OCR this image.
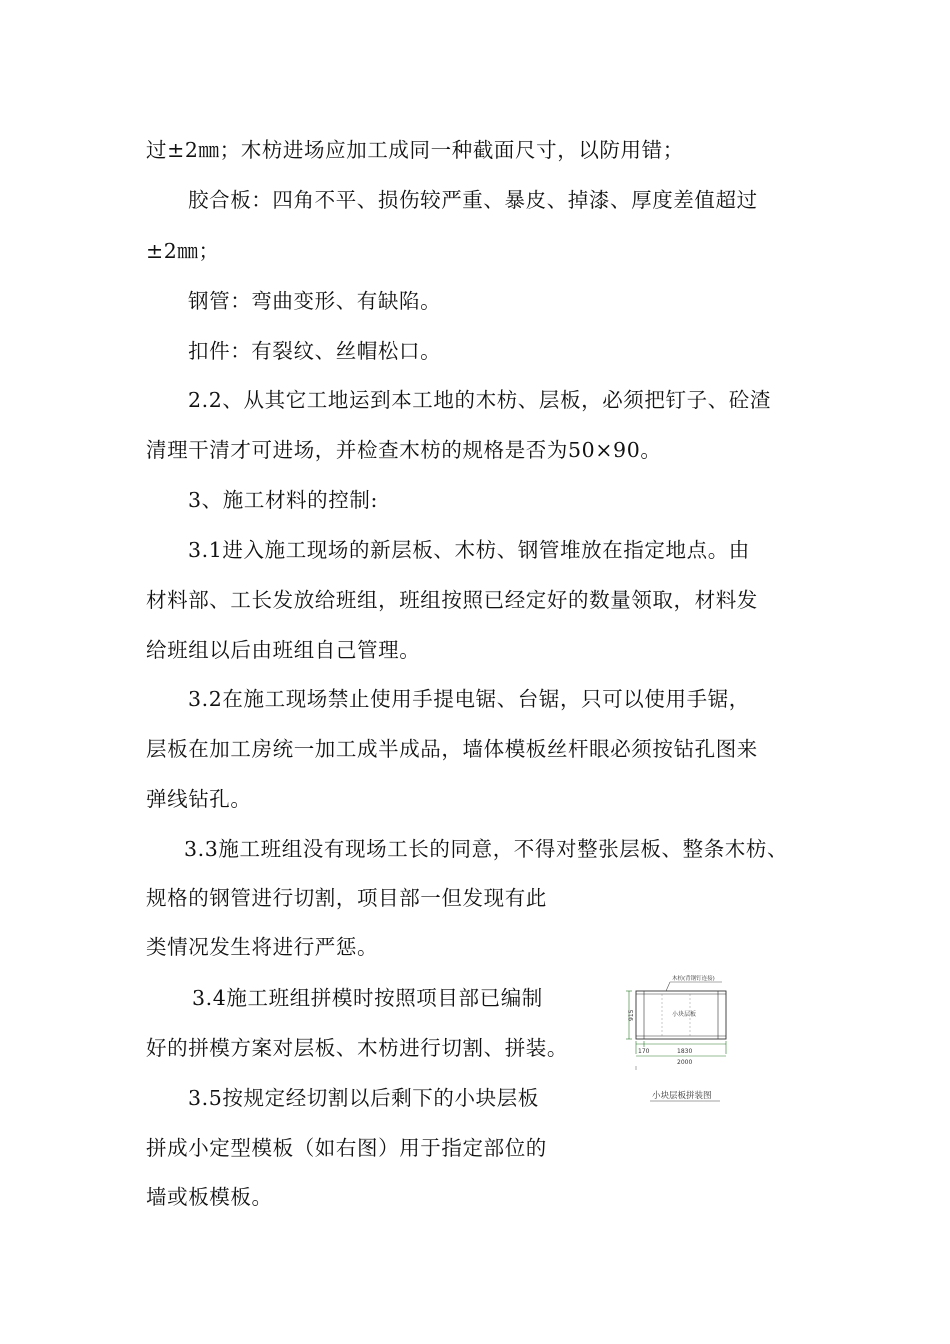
过±2㎜；木枋进场应加工成同一种截面尺寸，以防用错；
胶合板：四角不平、损伤较严重、暴皮、掉漆、厚度差值超过
±2㎜；
钢管：弯曲变形、有缺陷。
扣件：有裂纹、丝帽松口。
2.2、从其它工地运到本工地的木枋、层板，必须把钉子、砼渣
清理干清才可进场，并检查木枋的规格是否为50×90。
3、施工材料的控制:
3.1进入施工现场的新层板、木枋、钢管堆放在指定地点。由
材料部、工长发放给班组，班组按照已经定好的数量领取，材料发
给班组以后由班组自己管理。
3.2在施工现场禁止使用手提电锯、台锯，只可以使用手锯，
层板在加工房统一加工成半成品，墙体模板丝杆眼必须按钻孔图来
弹线钻孔。
3.3施工班组没有现场工长的同意，不得对整张层板、整条木枋、
规格的钢管进行切割，项目部一但发现有此
类情况发生将进行严惩。
3.4施工班组拼模时按照项目部已编制
好的拼模方案对层板、木枋进行切割、拼装。
3.5按规定经切割以后剩下的小块层板
拼成小定型模板（如右图）用于指定部位的
墙或板模板。
木枋(背钢钉连接)
小块层板
915
170	1830
2000
小块层板拼装图
